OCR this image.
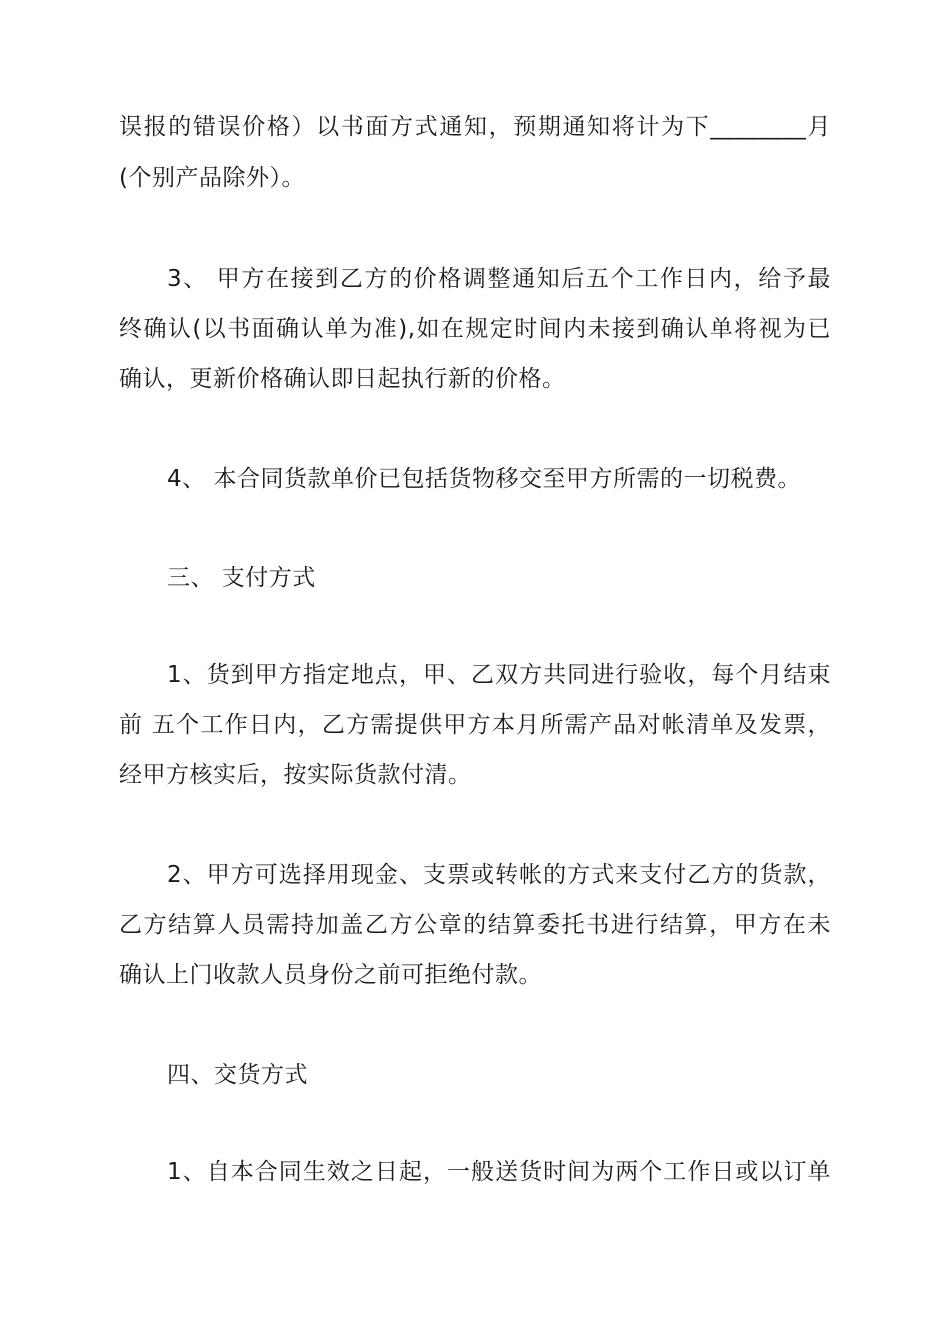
误报的错误价格）以书面方式通知，预期通知将计为下________月
(个别产品除外）。
3、 甲方在接到乙方的价格调整通知后五个工作日内，给予最
终确认(以书面确认单为准),如在规定时间内未接到确认单将视为已
确认，更新价格确认即日起执行新的价格。
4、 本合同货款单价已包括货物移交至甲方所需的一切税费。
三、 支付方式
1、货到甲方指定地点，甲、乙双方共同进行验收，每个月结束
前 五个工作日内，乙方需提供甲方本月所需产品对帐清单及发票，
经甲方核实后，按实际货款付清。
2、甲方可选择用现金、支票或转帐的方式来支付乙方的货款，
乙方结算人员需持加盖乙方公章的结算委托书进行结算，甲方在未
确认上门收款人员身份之前可拒绝付款。
四、交货方式
1、自本合同生效之日起，一般送货时间为两个工作日或以订单
